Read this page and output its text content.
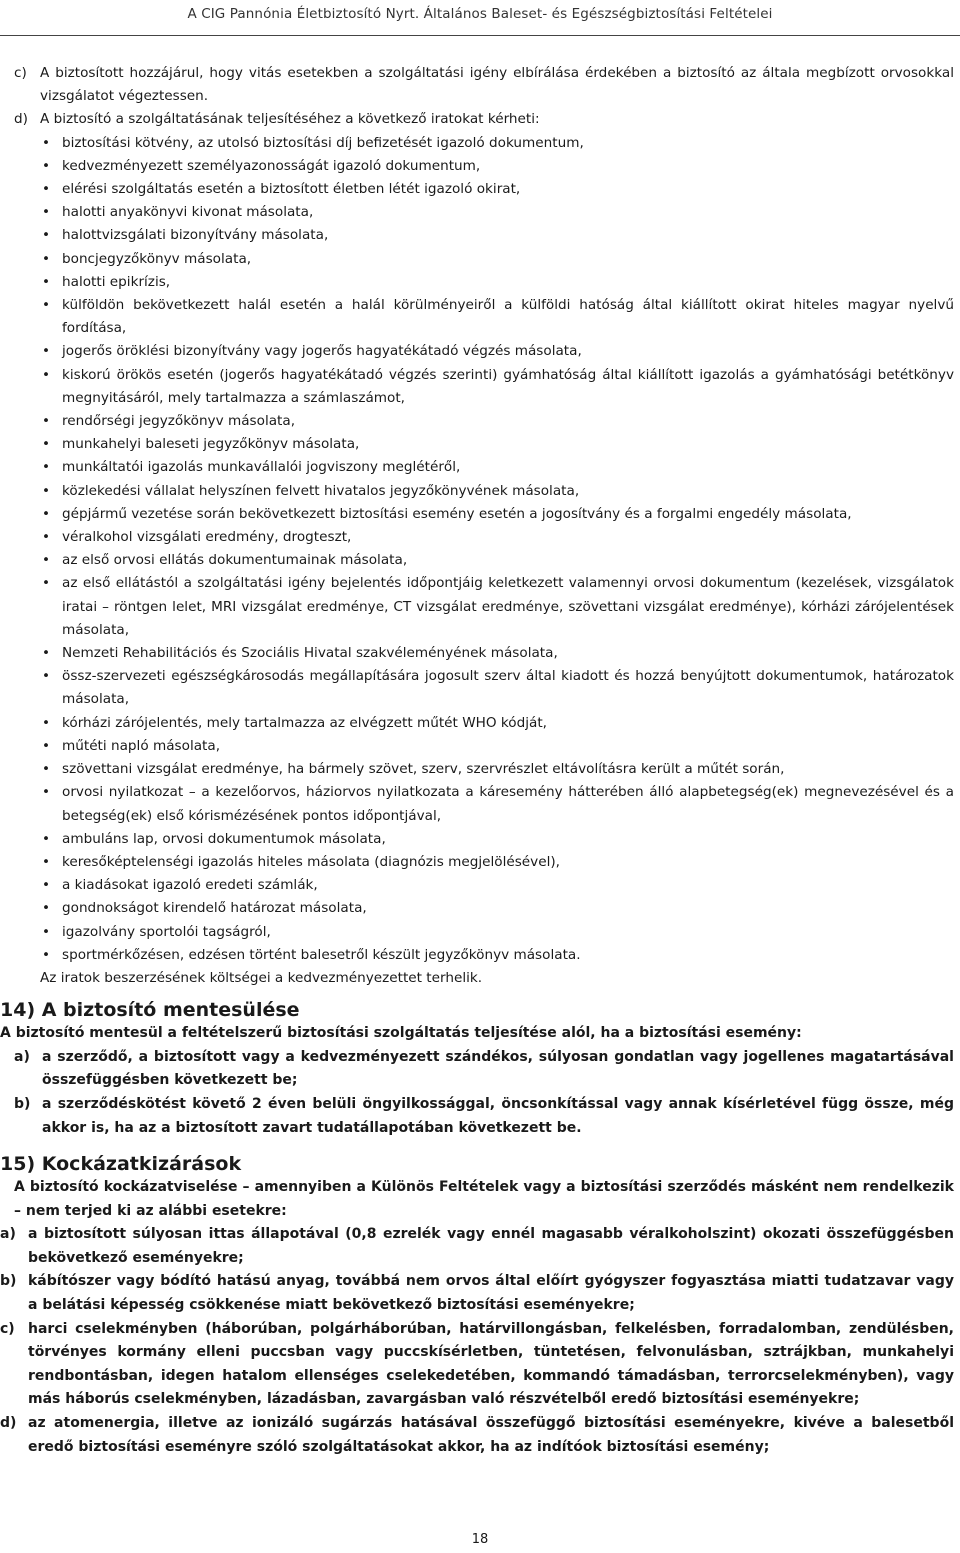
A CIG Pannónia Életbiztosító Nyrt. Általános Baleset- és Egészségbiztosítási Feltételei
c) A biztosított hozzájárul, hogy vitás esetekben a szolgáltatási igény elbírálása érdekében a biztosító az általa megbízott orvosokkal vizsgálatot végeztessen.
d) A biztosító a szolgáltatásának teljesítéséhez a következő iratokat kérheti:
• biztosítási kötvény, az utolsó biztosítási díj befizetését igazoló dokumentum,
• kedvezményezett személyazonosságát igazoló dokumentum,
• elérési szolgáltatás esetén a biztosított életben létét igazoló okirat,
• halotti anyakönyvi kivonat másolata,
• halottvizsgálati bizonyítvány másolata,
• boncjegyzőkönyv másolata,
• halotti epikrízis,
• külföldön bekövetkezett halál esetén a halál körülményeiről a külföldi hatóság által kiállított okirat hiteles magyar nyelvű fordítása,
• jogerős öröklési bizonyítvány vagy jogerős hagyatékátadó végzés másolata,
• kiskorú örökös esetén (jogerős hagyatékátadó végzés szerinti) gyámhatóság által kiállított igazolás a gyámhatósági betétkönyv megnyitásáról, mely tartalmazza a számlaszámot,
• rendőrségi jegyzőkönyv másolata,
• munkahelyi baleseti jegyzőkönyv másolata,
• munkáltatói igazolás munkavállalói jogviszony meglétéről,
• közlekedési vállalat helyszínen felvett hivatalos jegyzőkönyvének másolata,
• gépjármű vezetése során bekövetkezett biztosítási esemény esetén a jogosítvány és a forgalmi engedély másolata,
• véralkohol vizsgálati eredmény, drogteszt,
• az első orvosi ellátás dokumentumainak másolata,
• az első ellátástól a szolgáltatási igény bejelentés időpontjáig keletkezett valamennyi orvosi dokumentum (kezelések, vizsgálatok iratai – röntgen lelet, MRI vizsgálat eredménye, CT vizsgálat eredménye, szövettani vizsgálat eredménye), kórházi zárójelentések másolata,
• Nemzeti Rehabilitációs és Szociális Hivatal szakvéleményének másolata,
• össz-szervezeti egészségkárosodás megállapítására jogosult szerv által kiadott és hozzá benyújtott dokumentumok, határozatok másolata,
• kórházi zárójelentés, mely tartalmazza az elvégzett műtét WHO kódját,
• műtéti napló másolata,
• szövettani vizsgálat eredménye, ha bármely szövet, szerv, szervrészlet eltávolításra került a műtét során,
• orvosi nyilatkozat – a kezelőorvos, háziorvos nyilatkozata a káresemény hátterében álló alapbetegség(ek) megnevezésével és a betegség(ek) első kórismézésének pontos időpontjával,
• ambuláns lap, orvosi dokumentumok másolata,
• keresőképtelenségi igazolás hiteles másolata (diagnózis megjelölésével),
• a kiadásokat igazoló eredeti számlák,
• gondnokságot kirendelő határozat másolata,
• igazolvány sportolói tagságról,
• sportmérkőzésen, edzésen történt balesetről készült jegyzőkönyv másolata.
Az iratok beszerzésének költségei a kedvezményezettet terhelik.
14) A biztosító mentesülése
A biztosító mentesül a feltételszerű biztosítási szolgáltatás teljesítése alól, ha a biztosítási esemény:
a) a szerződő, a biztosított vagy a kedvezményezett szándékos, súlyosan gondatlan vagy jogellenes magatartásával összefüggésben következett be;
b) a szerződéskötést követő 2 éven belüli öngyilkossággal, öncsonkítással vagy annak kísérletével függ össze, még akkor is, ha az a biztosított zavart tudatállapotában következett be.
15) Kockázatkizárások
A biztosító kockázatviselése – amennyiben a Különös Feltételek vagy a biztosítási szerződés másként nem rendelkezik – nem terjed ki az alábbi esetekre:
a) a biztosított súlyosan ittas állapotával (0,8 ezrelék vagy ennél magasabb véralkoholszint) okozati összefüggésben bekövetkező eseményekre;
b) kábítószer vagy bódító hatású anyag, továbbá nem orvos által előírt gyógyszer fogyasztása miatti tudatzavar vagy a belátási képesség csökkenése miatt bekövetkező biztosítási eseményekre;
c) harci cselekményben (háborúban, polgárháborúban, határvillongásban, felkelésben, forradalomban, zendülésben, törvényes kormány elleni puccsban vagy puccskísérletben, tüntetésen, felvonulásban, sztrájkban, munkahelyi rendbontásban, idegen hatalom ellenséges cselekedetében, kommandó támadásban, terrorcselekményben), vagy más háborús cselekményben, lázadásban, zavargásban való részvételből eredő biztosítási eseményekre;
d) az atomenergia, illetve az ionizáló sugárzás hatásával összefüggő biztosítási eseményekre, kivéve a balesetből eredő biztosítási eseményre szóló szolgáltatásokat akkor, ha az indítóok biztosítási esemény;
18
